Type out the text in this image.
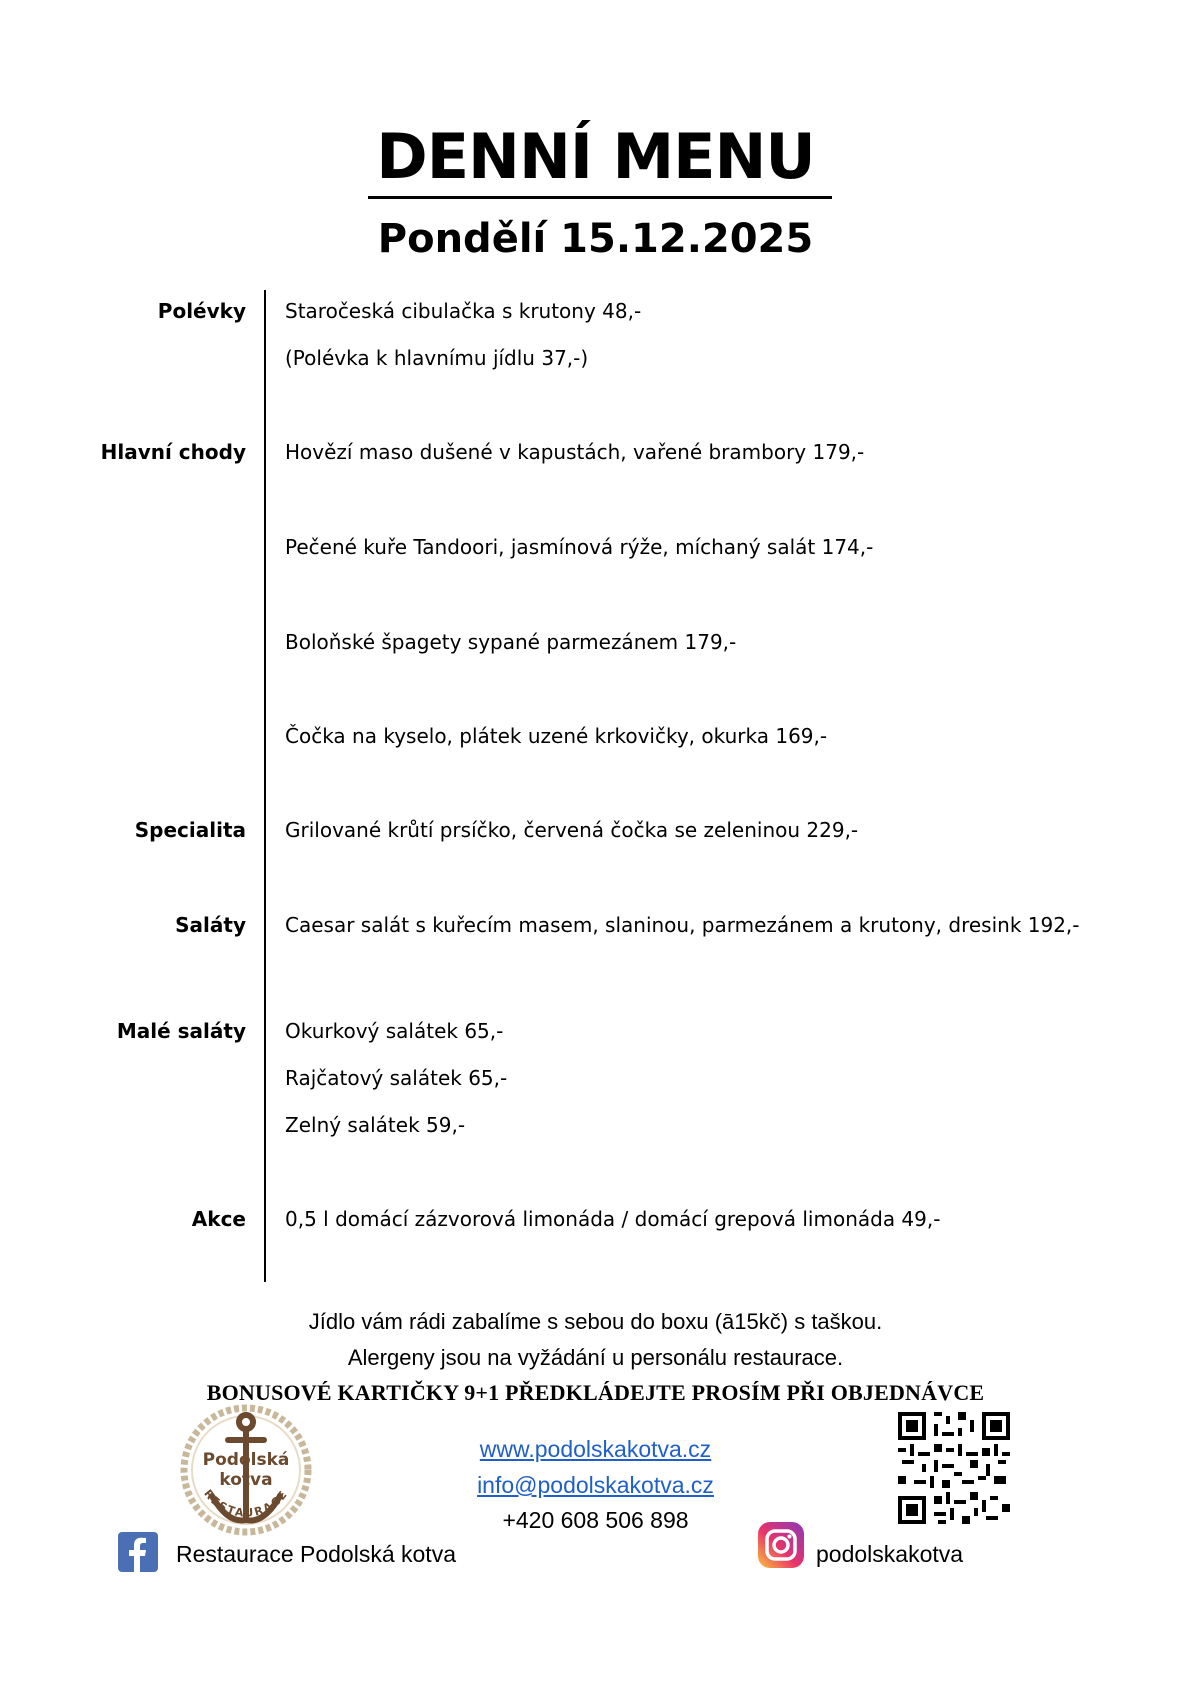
DENNÍ MENU
Pondělí 15.12.2025
Polévky Staročeská cibulačka s krutony 48,-
(Polévka k hlavnímu jídlu 37,-)
Hlavní chody Hovězí maso dušené v kapustách, vařené brambory 179,-
Pečené kuře Tandoori, jasmínová rýže, míchaný salát 174,-
Boloňské špagety sypané parmezánem 179,-
Čočka na kyselo, plátek uzené krkovičky, okurka 169,-
Specialita Grilované krůtí prsíčko, červená čočka se zeleninou 229,-
Saláty Caesar salát s kuřecím masem, slaninou, parmezánem a krutony, dresink 192,-
Malé saláty Okurkový salátek 65,-
Rajčatový salátek 65,-
Zelný salátek 59,-
Akce 0,5 l domácí zázvorová limonáda / domácí grepová limonáda 49,-
Jídlo vám rádi zabalíme s sebou do boxu (ā15kč) s taškou.
Alergeny jsou na vyžádání u personálu restaurace.
BONUSOVÉ KARTIČKY 9+1 PŘEDKLÁDEJTE PROSÍM PŘI OBJEDNÁVCE
RESTAURACE
Podolská
kotva
www.podolskakotva.cz
info@podolskakotva.cz
+420 608 506 898
Restaurace Podolská kotva	podolskakotva
